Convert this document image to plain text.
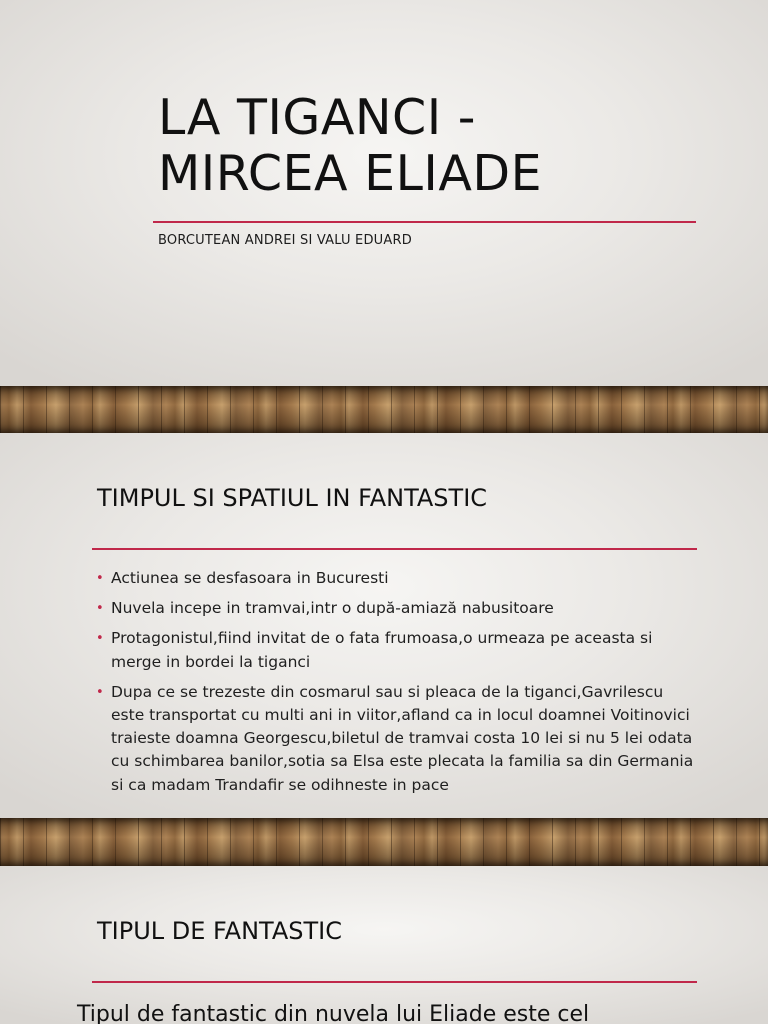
LA TIGANCI -
MIRCEA ELIADE
BORCUTEAN ANDREI SI VALU EDUARD
TIMPUL SI SPATIUL IN FANTASTIC
• Actiunea se desfasoara in Bucuresti
• Nuvela incepe in tramvai,intr o după-amiază nabusitoare
• Protagonistul,fiind invitat de o fata frumoasa,o urmeaza pe aceasta si merge in bordei la tiganci
• Dupa ce se trezeste din cosmarul sau si pleaca de la tiganci,Gavrilescu este transportat cu multi ani in viitor,afland ca in locul doamnei Voitinovici traieste doamna Georgescu,biletul de tramvai costa 10 lei si nu 5 lei odata cu schimbarea banilor,sotia sa Elsa este plecata la familia sa din Germania si ca madam Trandafir se odihneste in pace
TIPUL DE FANTASTIC
Tipul de fantastic din nuvela lui Eliade este cel
